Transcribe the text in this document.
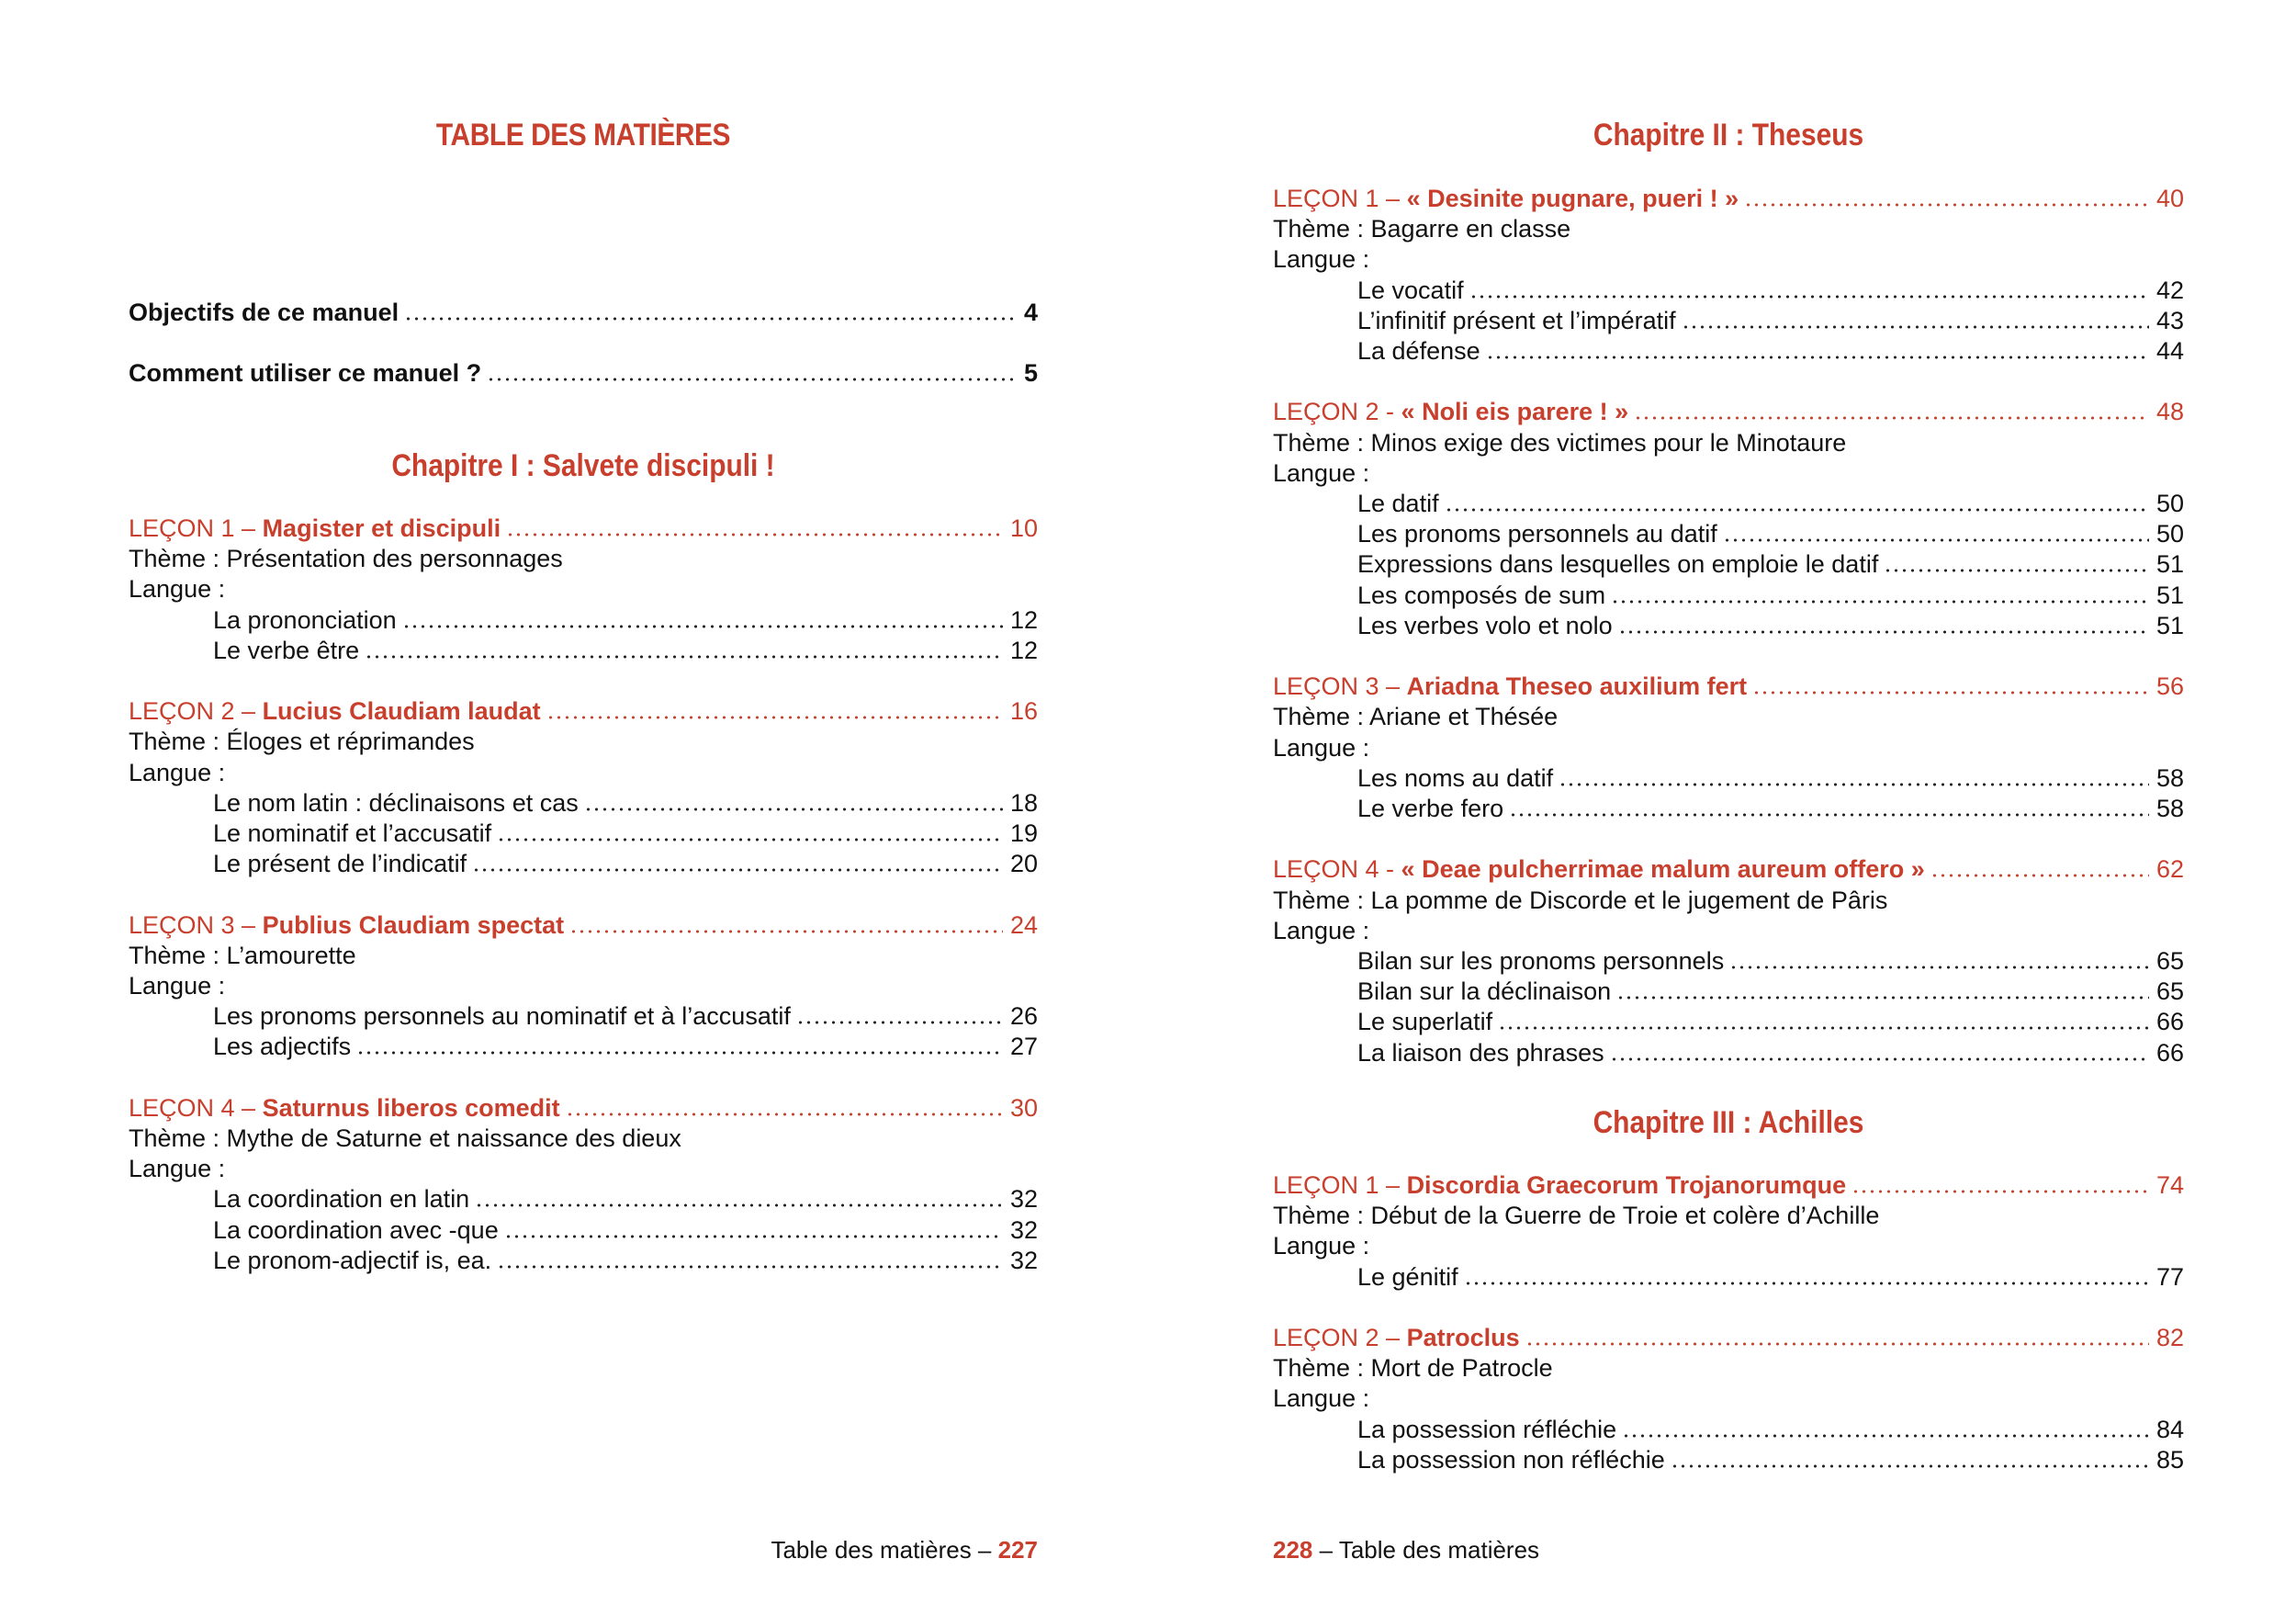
TABLE DES MATIÈRES
Objectifs de ce manuel	4
Comment utiliser ce manuel ?	5
Chapitre I : Salvete discipuli !
LEÇON 1 – Magister et discipuli	10
Thème : Présentation des personnages
Langue :
La prononciation	12
Le verbe être	12
LEÇON 2 – Lucius Claudiam laudat	16
Thème : Éloges et réprimandes
Langue :
Le nom latin : déclinaisons et cas	18
Le nominatif et l’accusatif	19
Le présent de l’indicatif	20
LEÇON 3 – Publius Claudiam spectat	24
Thème : L’amourette
Langue :
Les pronoms personnels au nominatif et à l’accusatif	26
Les adjectifs	27
LEÇON 4 – Saturnus liberos comedit	30
Thème : Mythe de Saturne et naissance des dieux
Langue :
La coordination en latin	32
La coordination avec -que	32
Le pronom-adjectif is, ea.	32
Table des matières – 227
Chapitre II : Theseus
LEÇON 1 – « Desinite pugnare, pueri ! »	40
Thème : Bagarre en classe
Langue :
Le vocatif	42
L’infinitif présent et l’impératif	43
La défense	44
LEÇON 2 - « Noli eis parere ! »	48
Thème : Minos exige des victimes pour le Minotaure
Langue :
Le datif	50
Les pronoms personnels au datif	50
Expressions dans lesquelles on emploie le datif	51
Les composés de sum	51
Les verbes volo et nolo	51
LEÇON 3 – Ariadna Theseo auxilium fert	56
Thème : Ariane et Thésée
Langue :
Les noms au datif	58
Le verbe fero	58
LEÇON 4 - « Deae pulcherrimae malum aureum offero »	62
Thème : La pomme de Discorde et le jugement de Pâris
Langue :
Bilan sur les pronoms personnels	65
Bilan sur la déclinaison	65
Le superlatif	66
La liaison des phrases	66
Chapitre III : Achilles
LEÇON 1 – Discordia Graecorum Trojanorumque	74
Thème : Début de la Guerre de Troie et colère d’Achille
Langue :
Le génitif	77
LEÇON 2 – Patroclus	82
Thème : Mort de Patrocle
Langue :
La possession réfléchie	84
La possession non réfléchie	85
228 – Table des matières
